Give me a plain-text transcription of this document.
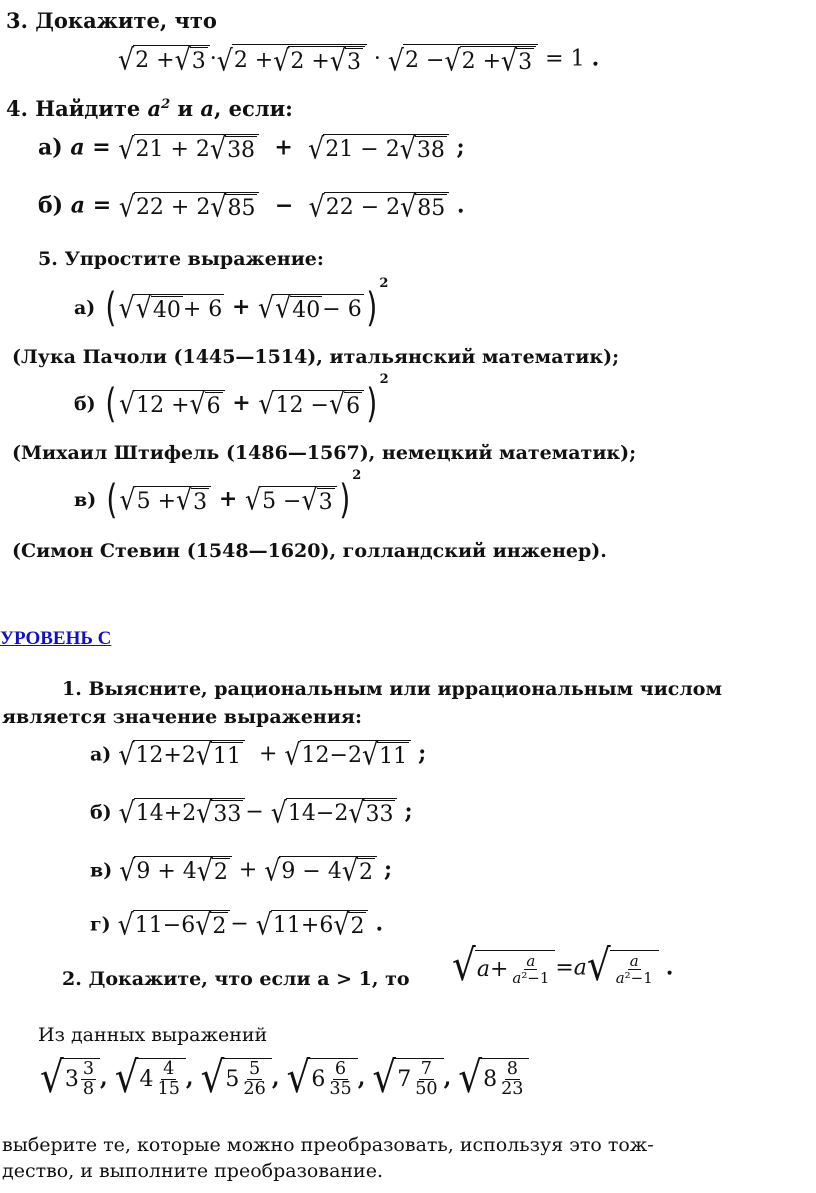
3. Докажите, что
√ 2 + √ 3 · √ 2 + √ 2 + √ 3 · √ 2 − √ 2 + √ 3 = 1 .
4. Найдите $a^2$ и a, если:
а) a = √ 21 + 2 √ 38 + √ 21 − 2 √ 38 ;
б) a = √ 22 + 2 √ 85 − √ 22 − 2 √ 85 .
5. Упростите выражение:
а) ( √ √ 40 + 6 + √ √ 40 − 6 )$^2$
(Лука Пачоли (1445—1514), итальянский математик);
б) ( √ 12 + √ 6 + √ 12 − √ 6 )$^2$
(Михаил Штифель (1486—1567), немецкий математик);
в) ( √ 5 + √ 3 + √ 5 − √ 3 )$^2$
(Симон Стевин (1548—1620), голландский инженер).
УРОВЕНЬ С
1. Выясните, рациональным или иррациональным числом
является значение выражения:
а) √ 12+2 √ 11 + √ 12−2 √ 11 ;
б) √ 14+2 √ 33 − √ 14−2 √ 33 ;
в) √ 9 + 4 √ 2 + √ 9 − 4 √ 2 ;
г) √ 11−6 √ 2 − √ 11+6 √ 2 .
2. Докажите, что если a > 1, то √ $a + \frac{a}{\text{a²−1}} =a$ √ $\frac{a}{\text{a²−1}}$ .
Из данных выражений
√ $3 \frac{3}{8}$ , √ $4 \frac{4}{15}$ , √ $5 \frac{5}{26}$ , √ $6 \frac{6}{35}$ , √ $7 \frac{7}{50}$ , √ $8 \frac{8}{23}$
выберите те, которые можно преобразовать, используя это тож-
дество, и выполните преобразование.
